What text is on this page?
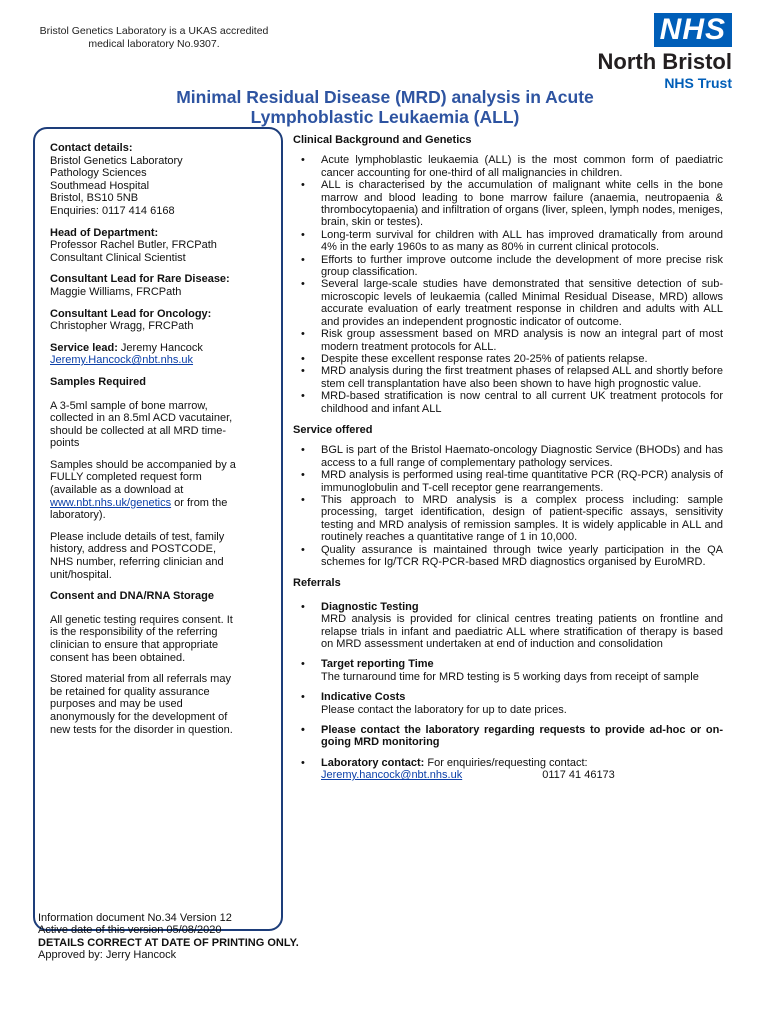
Bristol Genetics Laboratory is a UKAS accredited
medical laboratory No.9307.	NHS
North Bristol
NHS Trust
Minimal Residual Disease (MRD) analysis in Acute
Lymphoblastic Leukaemia (ALL)

Contact details:
Bristol Genetics Laboratory
Pathology Sciences
Southmead Hospital
Bristol, BS10 5NB
Enquiries: 0117 414 6168

Head of Department:
Professor Rachel Butler, FRCPath
Consultant Clinical Scientist

Consultant Lead for Rare Disease:
Maggie Williams, FRCPath

Consultant Lead for Oncology:
Christopher Wragg, FRCPath

Service lead: Jeremy Hancock
Jeremy.Hancock@nbt.nhs.uk

Samples Required

A 3-5ml sample of bone marrow,
collected in an 8.5ml ACD vacutainer,
should be collected at all MRD time-
points

Samples should be accompanied by a
FULLY completed request form
(available as a download at
www.nbt.nhs.uk/genetics or from the
laboratory).

Please include details of test, family
history, address and POSTCODE,
NHS number, referring clinician and
unit/hospital.

Consent and DNA/RNA Storage

All genetic testing requires consent. It
is the responsibility of the referring
clinician to ensure that appropriate
consent has been obtained.

Stored material from all referrals may
be retained for quality assurance
purposes and may be used
anonymously for the development of
new tests for the disorder in question.

Clinical Background and Genetics
• Acute lymphoblastic leukaemia (ALL) is the most common form of paediatric cancer accounting for one-third of all malignancies in children.
• ALL is characterised by the accumulation of malignant white cells in the bone marrow and blood leading to bone marrow failure (anaemia, neutropaenia & thrombocytopaenia) and infiltration of organs (liver, spleen, lymph nodes, meniges, brain, skin or testes).
• Long-term survival for children with ALL has improved dramatically from around 4% in the early 1960s to as many as 80% in current clinical protocols.
• Efforts to further improve outcome include the development of more precise risk group classification.
• Several large-scale studies have demonstrated that sensitive detection of sub-microscopic levels of leukaemia (called Minimal Residual Disease, MRD) allows accurate evaluation of early treatment response in children and adults with ALL and provides an independent prognostic indicator of outcome.
• Risk group assessment based on MRD analysis is now an integral part of most modern treatment protocols for ALL.
• Despite these excellent response rates 20-25% of patients relapse.
• MRD analysis during the first treatment phases of relapsed ALL and shortly before stem cell transplantation have also been shown to have high prognostic value.
• MRD-based stratification is now central to all current UK treatment protocols for childhood and infant ALL
Service offered
• BGL is part of the Bristol Haemato-oncology Diagnostic Service (BHODs) and has access to a full range of complementary pathology services.
• MRD analysis is performed using real-time quantitative PCR (RQ-PCR) analysis of immunoglobulin and T-cell receptor gene rearrangements.
• This approach to MRD analysis is a complex process including: sample processing, target identification, design of patient-specific assays, sensitivity testing and MRD analysis of remission samples. It is widely applicable in ALL and routinely reaches a quantitative range of 1 in 10,000.
• Quality assurance is maintained through twice yearly participation in the QA schemes for Ig/TCR RQ-PCR-based MRD diagnostics organised by EuroMRD.
Referrals
• Diagnostic Testing
MRD analysis is provided for clinical centres treating patients on frontline and relapse trials in infant and paediatric ALL where stratification of therapy is based on MRD assessment undertaken at end of induction and consolidation
• Target reporting Time
The turnaround time for MRD testing is 5 working days from receipt of sample
• Indicative Costs
Please contact the laboratory for up to date prices.
• Please contact the laboratory regarding requests to provide ad-hoc or on-going MRD monitoring
• Laboratory contact: For enquiries/requesting contact:
Jeremy.hancock@nbt.nhs.uk	0117 41 46173
Information document No.34 Version 12
Active date of this version 05/08/2020
DETAILS CORRECT AT DATE OF PRINTING ONLY.
Approved by: Jerry Hancock
